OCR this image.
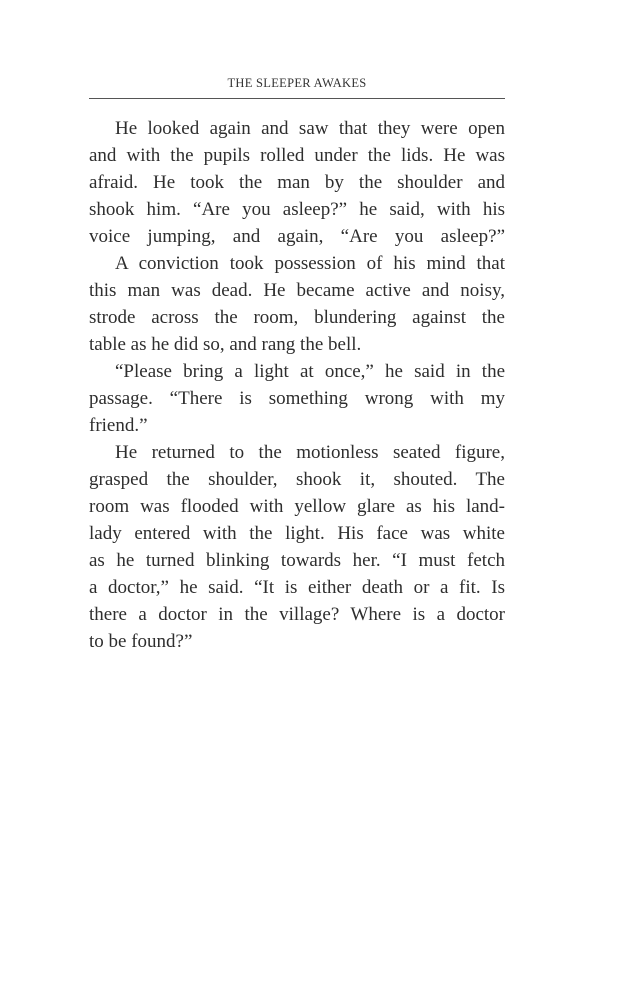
THE SLEEPER AWAKES

He looked again and saw that they were open
and with the pupils rolled under the lids. He was
afraid. He took the man by the shoulder and
shook him. “Are you asleep?” he said, with his
voice jumping, and again, “Are you asleep?”

A conviction took possession of his mind that
this man was dead. He became active and noisy,
strode across the room, blundering against the
table as he did so, and rang the bell.

“Please bring a light at once,” he said in the
passage. “There is something wrong with my
friend.”

He returned to the motionless seated figure,
grasped the shoulder, shook it, shouted. The
room was flooded with yellow glare as his land-
lady entered with the light. His face was white
as he turned blinking towards her. “I must fetch
a doctor,” he said. “It is either death or a fit. Is
there a doctor in the village? Where is a doctor
to be found?”
